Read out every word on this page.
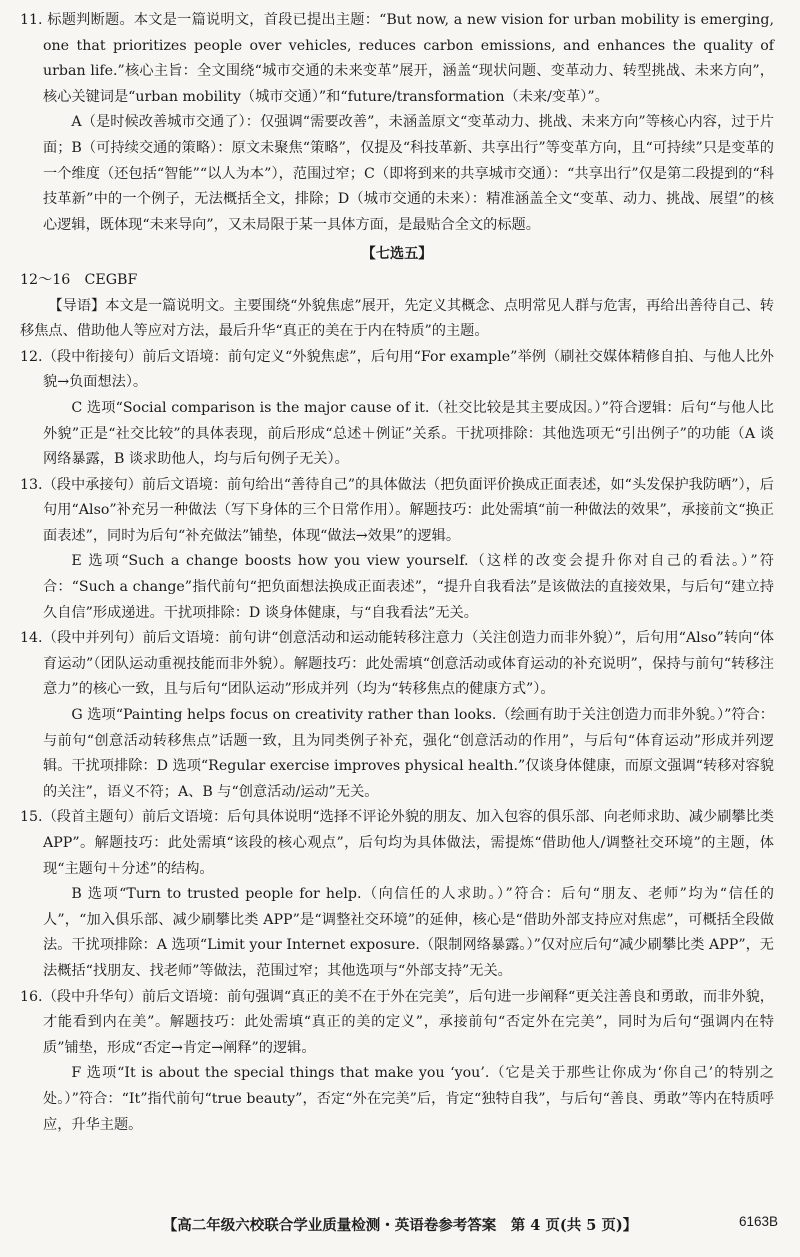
11. 标题判断题。本文是一篇说明文，首段已提出主题：“But now, a new vision for urban mobility is emerging, one that prioritizes people over vehicles, reduces carbon emissions, and enhances the quality of urban life.”核心主旨：全文围绕“城市交通的未来变革”展开，涵盖“现状问题、变革动力、转型挑战、未来方向”，核心关键词是“urban mobility（城市交通）”和“future/transformation（未来/变革）”。

A（是时候改善城市交通了）：仅强调“需要改善”，未涵盖原文“变革动力、挑战、未来方向”等核心内容，过于片面；B（可持续交通的策略）：原文未聚焦“策略”，仅提及“科技革新、共享出行”等变革方向，且“可持续”只是变革的一个维度（还包括“智能”“以人为本”），范围过窄；C（即将到来的共享城市交通）：“共享出行”仅是第二段提到的“科技革新”中的一个例子，无法概括全文，排除；D（城市交通的未来）：精准涵盖全文“变革、动力、挑战、展望”的核心逻辑，既体现“未来导向”，又未局限于某一具体方面，是最贴合全文的标题。

【七选五】

12～16　CEGBF

【导语】本文是一篇说明文。主要围绕“外貌焦虑”展开，先定义其概念、点明常见人群与危害，再给出善待自己、转移焦点、借助他人等应对方法，最后升华“真正的美在于内在特质”的主题。

12.（段中衔接句）前后文语境：前句定义“外貌焦虑”，后句用“For example”举例（刷社交媒体精修自拍、与他人比外貌→负面想法）。

C 选项“Social comparison is the major cause of it.（社交比较是其主要成因。）”符合逻辑：后句“与他人比外貌”正是“社交比较”的具体表现，前后形成“总述＋例证”关系。干扰项排除：其他选项无“引出例子”的功能（A 谈网络暴露，B 谈求助他人，均与后句例子无关）。

13.（段中承接句）前后文语境：前句给出“善待自己”的具体做法（把负面评价换成正面表述，如“头发保护我防晒”），后句用“Also”补充另一种做法（写下身体的三个日常作用）。解题技巧：此处需填“前一种做法的效果”，承接前文“换正面表述”，同时为后句“补充做法”铺垫，体现“做法→效果”的逻辑。

E 选项“Such a change boosts how you view yourself.（这样的改变会提升你对自己的看法。）”符合：“Such a change”指代前句“把负面想法换成正面表述”，“提升自我看法”是该做法的直接效果，与后句“建立持久自信”形成递进。干扰项排除：D 谈身体健康，与“自我看法”无关。

14.（段中并列句）前后文语境：前句讲“创意活动和运动能转移注意力（关注创造力而非外貌）”，后句用“Also”转向“体育运动”（团队运动重视技能而非外貌）。解题技巧：此处需填“创意活动或体育运动的补充说明”，保持与前句“转移注意力”的核心一致，且与后句“团队运动”形成并列（均为“转移焦点的健康方式”）。

G 选项“Painting helps focus on creativity rather than looks.（绘画有助于关注创造力而非外貌。）”符合：与前句“创意活动转移焦点”话题一致，且为同类例子补充，强化“创意活动的作用”，与后句“体育运动”形成并列逻辑。干扰项排除：D 选项“Regular exercise improves physical health.”仅谈身体健康，而原文强调“转移对容貌的关注”，语义不符；A、B 与“创意活动/运动”无关。

15.（段首主题句）前后文语境：后句具体说明“选择不评论外貌的朋友、加入包容的俱乐部、向老师求助、减少刷攀比类 APP”。解题技巧：此处需填“该段的核心观点”，后句均为具体做法，需提炼“借助他人/调整社交环境”的主题，体现“主题句＋分述”的结构。

B 选项“Turn to trusted people for help.（向信任的人求助。）”符合：后句“朋友、老师”均为“信任的人”，“加入俱乐部、减少刷攀比类 APP”是“调整社交环境”的延伸，核心是“借助外部支持应对焦虑”，可概括全段做法。干扰项排除：A 选项“Limit your Internet exposure.（限制网络暴露。）”仅对应后句“减少刷攀比类 APP”，无法概括“找朋友、找老师”等做法，范围过窄；其他选项与“外部支持”无关。

16.（段中升华句）前后文语境：前句强调“真正的美不在于外在完美”，后句进一步阐释“更关注善良和勇敢，而非外貌，才能看到内在美”。解题技巧：此处需填“真正的美的定义”，承接前句“否定外在完美”，同时为后句“强调内在特质”铺垫，形成“否定→肯定→阐释”的逻辑。

F 选项“It is about the special things that make you ‘you’.（它是关于那些让你成为‘你自己’的特别之处。）”符合：“It”指代前句“true beauty”，否定“外在完美”后，肯定“独特自我”，与后句“善良、勇敢”等内在特质呼应，升华主题。

【高二年级六校联合学业质量检测・英语卷参考答案　第 4 页(共 5 页)】	6163B
